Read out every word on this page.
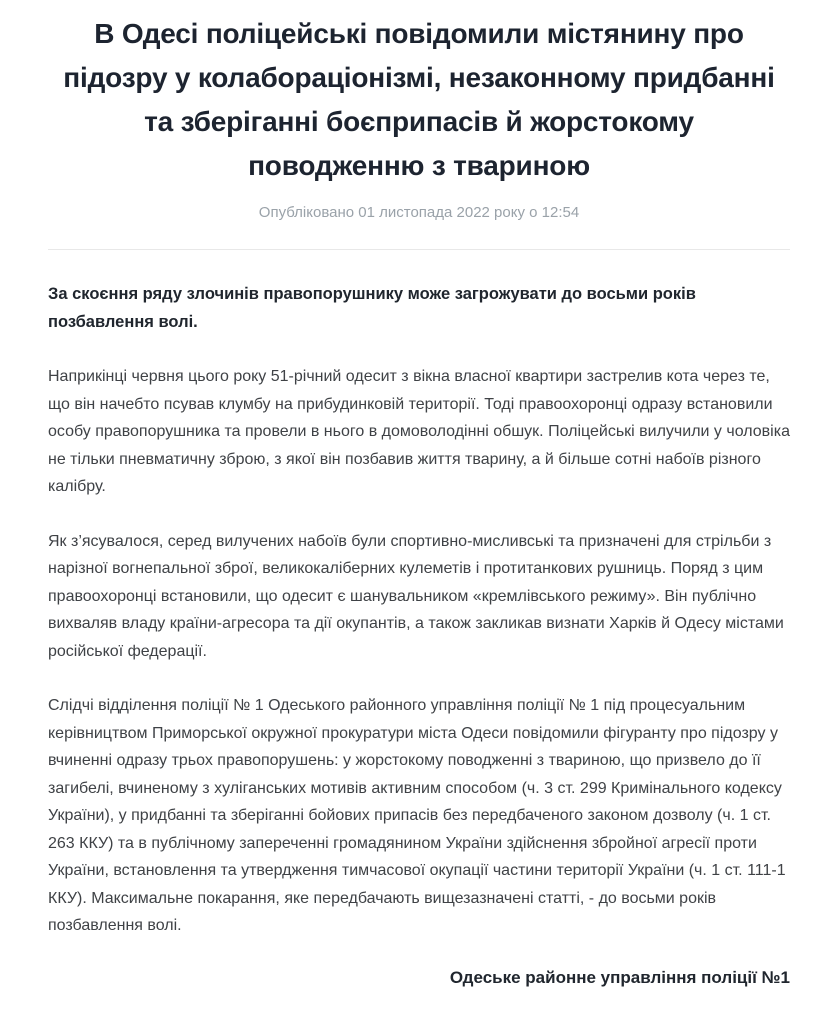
В Одесі поліцейські повідомили містянину про підозру у колабораціонізмі, незаконному придбанні та зберіганні боєприпасів й жорстокому поводженню з твариною
Опубліковано 01 листопада 2022 року о 12:54

За скоєння ряду злочинів правопорушнику може загрожувати до восьми років позбавлення волі.

Наприкінці червня цього року 51-річний одесит з вікна власної квартири застрелив кота через те, що він начебто псував клумбу на прибудинковій території. Тоді правоохоронці одразу встановили особу правопорушника та провели в нього в домоволодінні обшук. Поліцейські вилучили у чоловіка не тільки пневматичну зброю, з якої він позбавив життя тварину, а й більше сотні набоїв різного калібру.

Як з’ясувалося, серед вилучених набоїв були спортивно-мисливські та призначені для стрільби з нарізної вогнепальної зброї, великокаліберних кулеметів і протитанкових рушниць. Поряд з цим правоохоронці встановили, що одесит є шанувальником «кремлівського режиму». Він публічно вихваляв владу країни-агресора та дії окупантів, а також закликав визнати Харків й Одесу містами російської федерації.

Слідчі відділення поліції № 1 Одеського районного управління поліції № 1 під процесуальним керівництвом Приморської окружної прокуратури міста Одеси повідомили фігуранту про підозру у вчиненні одразу трьох правопорушень: у жорстокому поводженні з твариною, що призвело до її загибелі, вчиненому з хуліганських мотивів активним способом (ч. 3 ст. 299 Кримінального кодексу України), у придбанні та зберіганні бойових припасів без передбаченого законом дозволу (ч. 1 ст. 263 ККУ) та в публічному запереченні громадянином України здійснення збройної агресії проти України, встановлення та утвердження тимчасової окупації частини території України (ч. 1 ст. 111-1 ККУ). Максимальне покарання, яке передбачають вищезазначені статті, - до восьми років позбавлення волі.

Одеське районне управління поліції №1
